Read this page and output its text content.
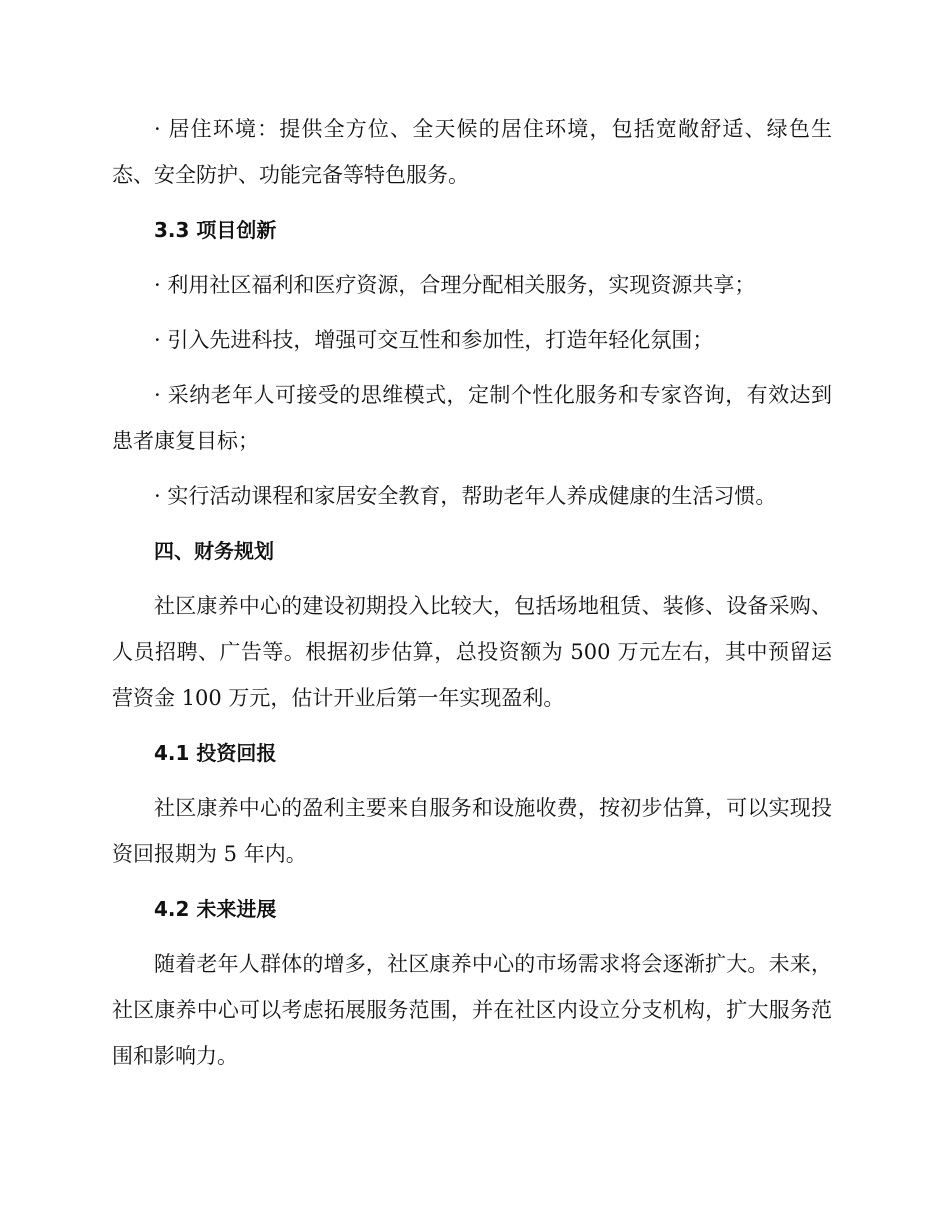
· 居住环境：提供全方位、全天候的居住环境，包括宽敞舒适、绿色生态、安全防护、功能完备等特色服务。

3.3 项目创新

· 利用社区福利和医疗资源，合理分配相关服务，实现资源共享；

· 引入先进科技，增强可交互性和参加性，打造年轻化氛围；

· 采纳老年人可接受的思维模式，定制个性化服务和专家咨询，有效达到患者康复目标；

· 实行活动课程和家居安全教育，帮助老年人养成健康的生活习惯。

四、财务规划

社区康养中心的建设初期投入比较大，包括场地租赁、装修、设备采购、人员招聘、广告等。根据初步估算，总投资额为 500 万元左右，其中预留运营资金 100 万元，估计开业后第一年实现盈利。

4.1 投资回报

社区康养中心的盈利主要来自服务和设施收费，按初步估算，可以实现投资回报期为 5 年内。

4.2 未来进展

随着老年人群体的增多，社区康养中心的市场需求将会逐渐扩大。未来，社区康养中心可以考虑拓展服务范围，并在社区内设立分支机构，扩大服务范围和影响力。
